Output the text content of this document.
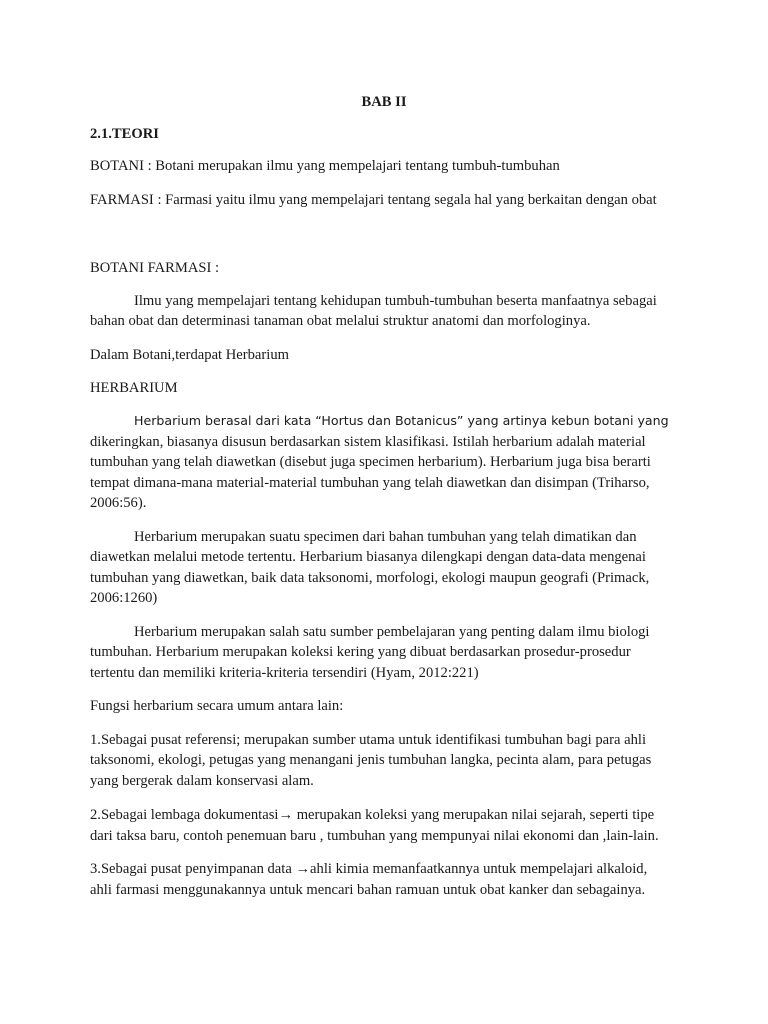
BAB II

2.1.TEORI

BOTANI : Botani merupakan ilmu yang mempelajari tentang tumbuh-tumbuhan

FARMASI : Farmasi yaitu ilmu yang mempelajari tentang segala hal yang berkaitan dengan obat

BOTANI FARMASI :

Ilmu yang mempelajari tentang kehidupan tumbuh-tumbuhan beserta manfaatnya sebagai

bahan obat dan determinasi tanaman obat melalui struktur anatomi dan morfologinya.

Dalam Botani,terdapat Herbarium

HERBARIUM

Herbarium berasal dari kata “Hortus dan Botanicus” yang artinya kebun botani yang

dikeringkan, biasanya disusun berdasarkan sistem klasifikasi. Istilah herbarium adalah material

tumbuhan yang telah diawetkan (disebut juga specimen herbarium). Herbarium juga bisa berarti

tempat dimana-mana material-material tumbuhan yang telah diawetkan dan disimpan (Triharso,

2006:56).

Herbarium merupakan suatu specimen dari bahan tumbuhan yang telah dimatikan dan

diawetkan melalui metode tertentu. Herbarium biasanya dilengkapi dengan data-data mengenai

tumbuhan yang diawetkan, baik data taksonomi, morfologi, ekologi maupun geografi (Primack,

2006:1260)

Herbarium merupakan salah satu sumber pembelajaran yang penting dalam ilmu biologi

tumbuhan. Herbarium merupakan koleksi kering yang dibuat berdasarkan prosedur-prosedur

tertentu dan memiliki kriteria-kriteria tersendiri (Hyam, 2012:221)

Fungsi herbarium secara umum antara lain:

1.Sebagai pusat referensi; merupakan sumber utama untuk identifikasi tumbuhan bagi para ahli

taksonomi, ekologi, petugas yang menangani jenis tumbuhan langka, pecinta alam, para petugas

yang bergerak dalam konservasi alam.

2.Sebagai lembaga dokumentasi→ merupakan koleksi yang merupakan nilai sejarah, seperti tipe

dari taksa baru, contoh penemuan baru , tumbuhan yang mempunyai nilai ekonomi dan ,lain-lain.

3.Sebagai pusat penyimpanan data →ahli kimia memanfaatkannya untuk mempelajari alkaloid,

ahli farmasi menggunakannya untuk mencari bahan ramuan untuk obat kanker dan sebagainya.
